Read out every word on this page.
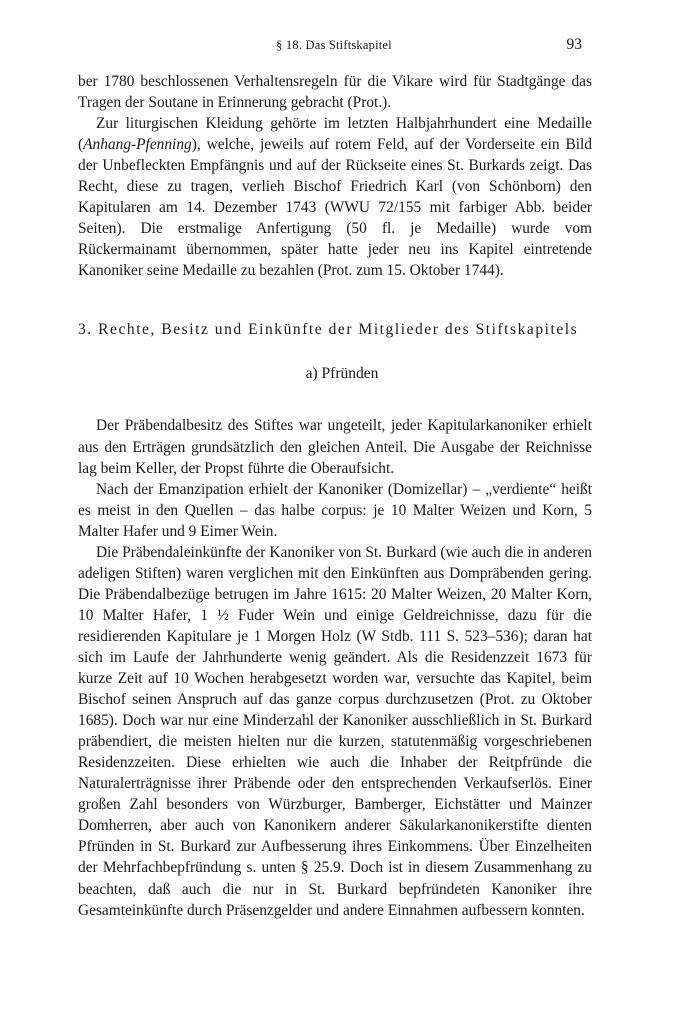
§ 18. Das Stiftskapitel	93

ber 1780 beschlossenen Verhaltensregeln für die Vikare wird für Stadtgänge das Tragen der Soutane in Erinnerung gebracht (Prot.).

Zur liturgischen Kleidung gehörte im letzten Halbjahrhundert eine Medaille (Anhang-Pfenning), welche, jeweils auf rotem Feld, auf der Vorderseite ein Bild der Unbefleckten Empfängnis und auf der Rückseite eines St. Burkards zeigt. Das Recht, diese zu tragen, verlieh Bischof Friedrich Karl (von Schönborn) den Kapitularen am 14. Dezember 1743 (WWU 72/155 mit farbiger Abb. beider Seiten). Die erstmalige Anfertigung (50 fl. je Medaille) wurde vom Rückermainamt übernommen, später hatte jeder neu ins Kapitel eintretende Kanoniker seine Medaille zu bezahlen (Prot. zum 15. Oktober 1744).

3. Rechte, Besitz und Einkünfte der Mitglieder des Stiftskapitels
a) Pfründen

Der Präbendalbesitz des Stiftes war ungeteilt, jeder Kapitularkanoniker erhielt aus den Erträgen grundsätzlich den gleichen Anteil. Die Ausgabe der Reichnisse lag beim Keller, der Propst führte die Oberaufsicht.

Nach der Emanzipation erhielt der Kanoniker (Domizellar) – „verdiente“ heißt es meist in den Quellen – das halbe corpus: je 10 Malter Weizen und Korn, 5 Malter Hafer und 9 Eimer Wein.

Die Präbendaleinkünfte der Kanoniker von St. Burkard (wie auch die in anderen adeligen Stiften) waren verglichen mit den Einkünften aus Dompräbenden gering. Die Präbendalbezüge betrugen im Jahre 1615: 20 Malter Weizen, 20 Malter Korn, 10 Malter Hafer, 1 ½ Fuder Wein und einige Geldreichnisse, dazu für die residierenden Kapitulare je 1 Morgen Holz (W Stdb. 111 S. 523–536); daran hat sich im Laufe der Jahrhunderte wenig geändert. Als die Residenzzeit 1673 für kurze Zeit auf 10 Wochen herabgesetzt worden war, versuchte das Kapitel, beim Bischof seinen Anspruch auf das ganze corpus durchzusetzen (Prot. zu Oktober 1685). Doch war nur eine Minderzahl der Kanoniker ausschließlich in St. Burkard präbendiert, die meisten hielten nur die kurzen, statutenmäßig vorgeschriebenen Residenzzeiten. Diese erhielten wie auch die Inhaber der Reitpfründe die Naturalerträgnisse ihrer Präbende oder den entsprechenden Verkaufserlös. Einer großen Zahl besonders von Würzburger, Bamberger, Eichstätter und Mainzer Domherren, aber auch von Kanonikern anderer Säkularkanonikerstifte dienten Pfründen in St. Burkard zur Aufbesserung ihres Einkommens. Über Einzelheiten der Mehrfachbepfründung s. unten § 25.9. Doch ist in diesem Zusammenhang zu beachten, daß auch die nur in St. Burkard bepfründeten Kanoniker ihre Gesamteinkünfte durch Präsenzgelder und andere Einnahmen aufbessern konnten.
